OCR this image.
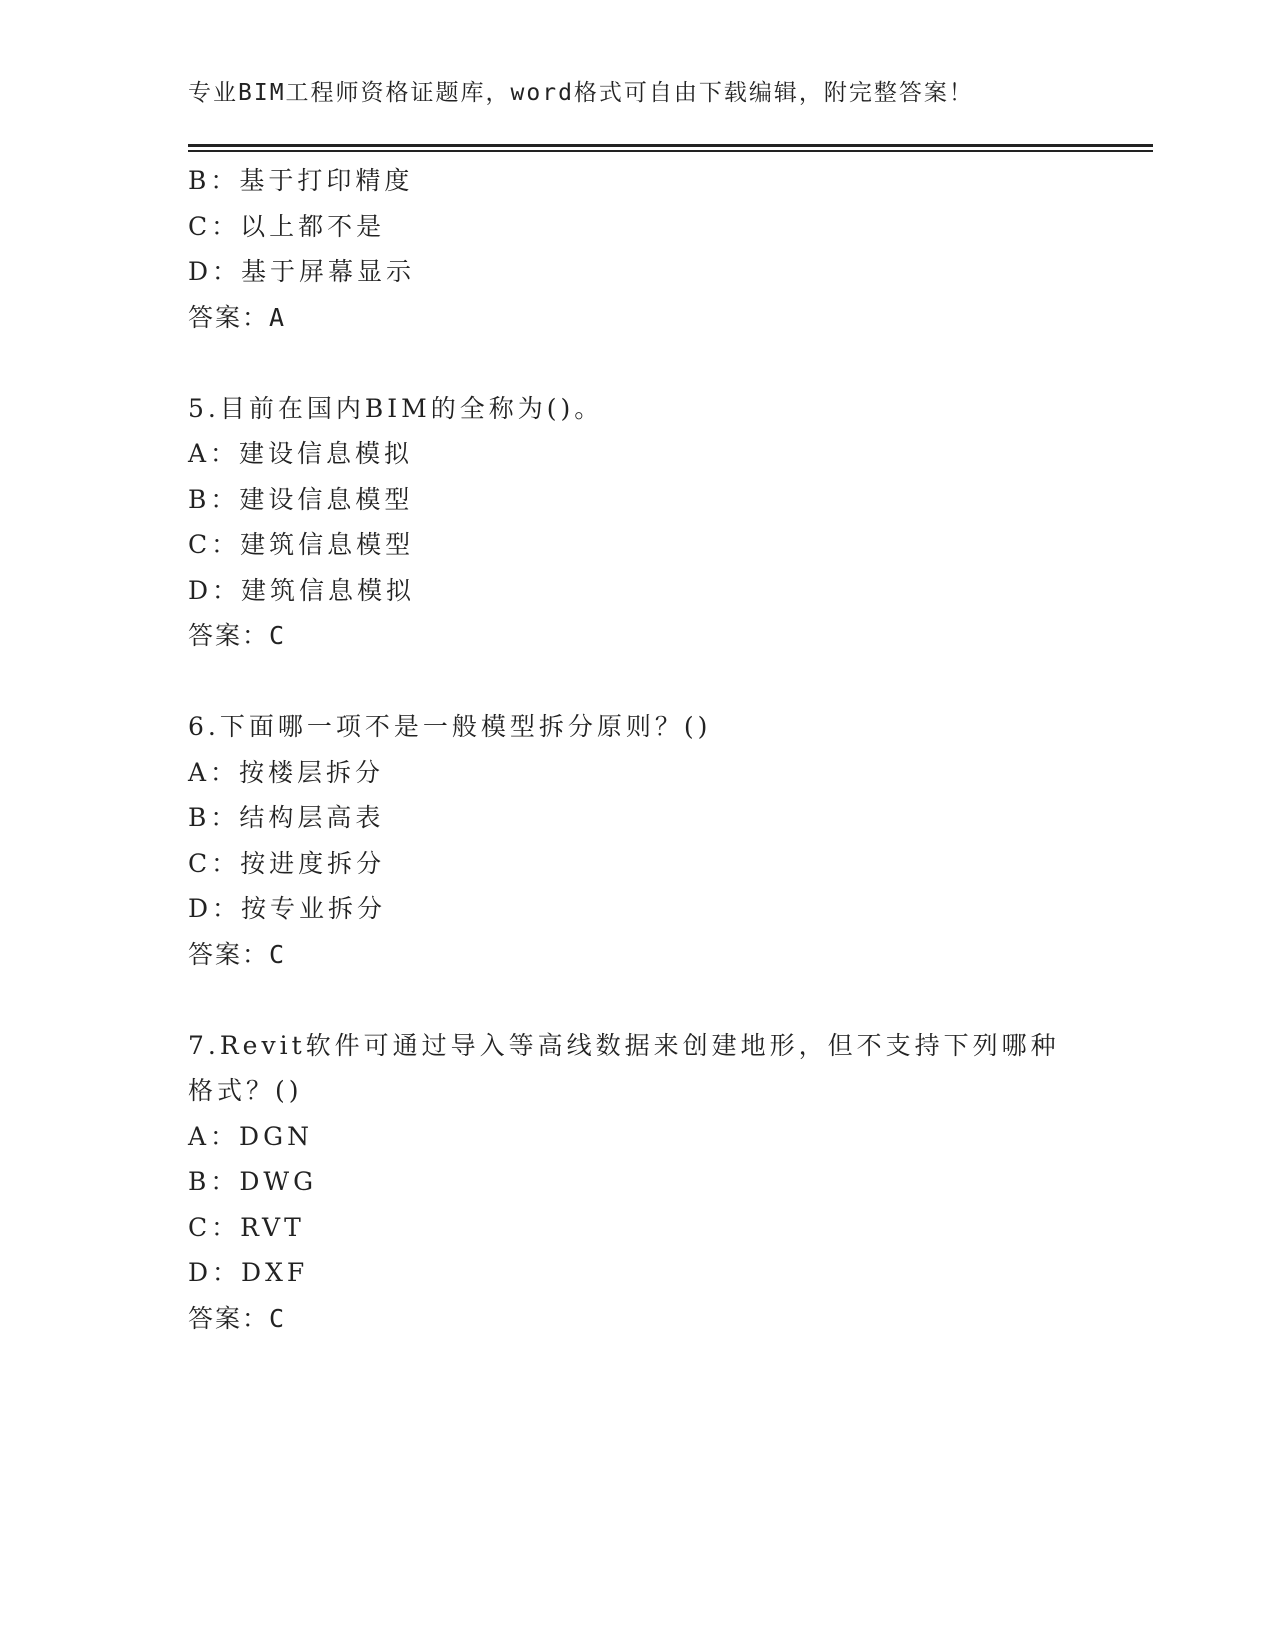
专业BIM工程师资格证题库，word格式可自由下载编辑，附完整答案！
B：基于打印精度
C：以上都不是
D：基于屏幕显示
答案：A
5.目前在国内BIM的全称为()。
A：建设信息模拟
B：建设信息模型
C：建筑信息模型
D：建筑信息模拟
答案：C
6.下面哪一项不是一般模型拆分原则？()
A：按楼层拆分
B：结构层高表
C：按进度拆分
D：按专业拆分
答案：C
7.Revit软件可通过导入等高线数据来创建地形，但不支持下列哪种格式？()
A：DGN
B：DWG
C：RVT
D：DXF
答案：C
